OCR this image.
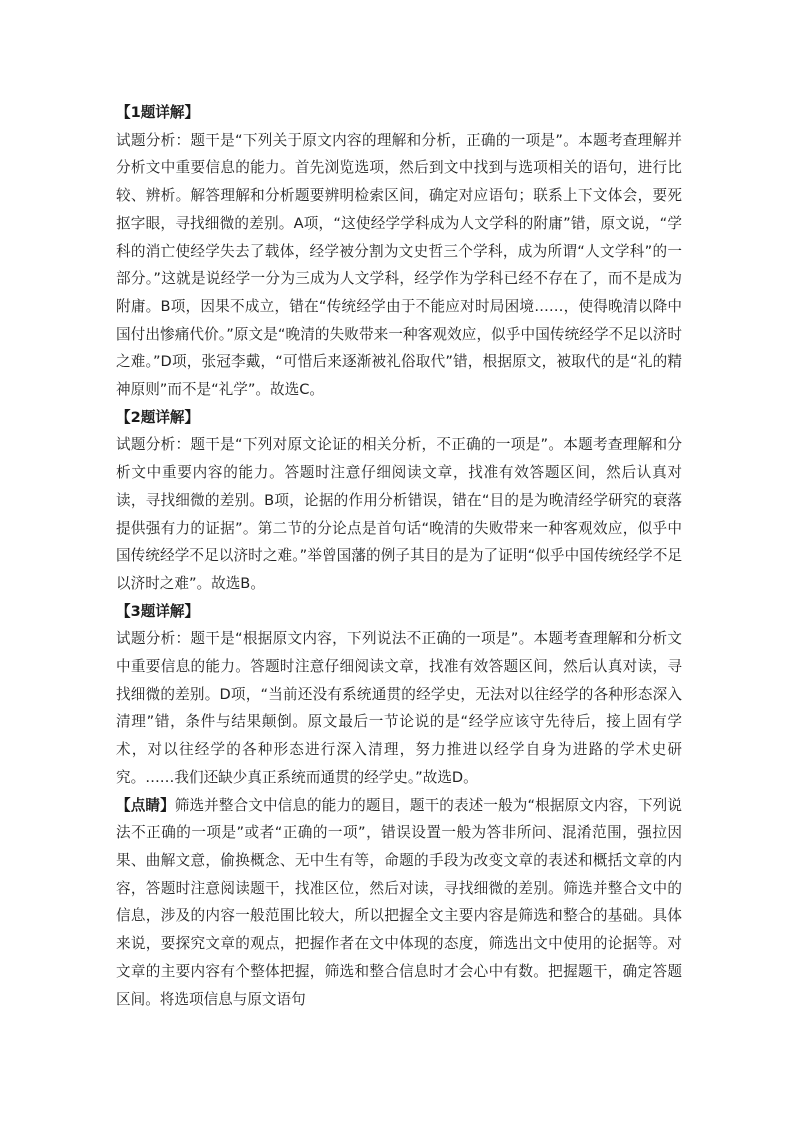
【1题详解】

试题分析：题干是“下列关于原文内容的理解和分析，正确的一项是”。本题考查理解并分析文中重要信息的能力。首先浏览选项，然后到文中找到与选项相关的语句，进行比较、辨析。解答理解和分析题要辨明检索区间，确定对应语句；联系上下文体会，要死抠字眼，寻找细微的差别。A项，“这使经学学科成为人文学科的附庸”错，原文说，“学科的消亡使经学失去了载体，经学被分割为文史哲三个学科，成为所谓“人文学科”的一部分。”这就是说经学一分为三成为人文学科，经学作为学科已经不存在了，而不是成为附庸。B项，因果不成立，错在“传统经学由于不能应对时局困境……，使得晚清以降中国付出惨痛代价。”原文是“晚清的失败带来一种客观效应，似乎中国传统经学不足以济时之难。”D项，张冠李戴，“可惜后来逐渐被礼俗取代”错，根据原文，被取代的是“礼的精神原则”而不是“礼学”。故选C。

【2题详解】

试题分析：题干是“下列对原文论证的相关分析，不正确的一项是”。本题考查理解和分析文中重要内容的能力。答题时注意仔细阅读文章，找准有效答题区间，然后认真对读，寻找细微的差别。B项，论据的作用分析错误，错在“目的是为晚清经学研究的衰落提供强有力的证据”。第二节的分论点是首句话“晚清的失败带来一种客观效应，似乎中国传统经学不足以济时之难。”举曾国藩的例子其目的是为了证明“似乎中国传统经学不足以济时之难”。故选B。

【3题详解】

试题分析：题干是“根据原文内容，下列说法不正确的一项是”。本题考查理解和分析文中重要信息的能力。答题时注意仔细阅读文章，找准有效答题区间，然后认真对读，寻找细微的差别。D项，“当前还没有系统通贯的经学史，无法对以往经学的各种形态深入清理”错，条件与结果颠倒。原文最后一节论说的是“经学应该守先待后，接上固有学术，对以往经学的各种形态进行深入清理，努力推进以经学自身为进路的学术史研究。……我们还缺少真正系统而通贯的经学史。”故选D。

【点睛】筛选并整合文中信息的能力的题目，题干的表述一般为“根据原文内容，下列说法不正确的一项是”或者“正确的一项”，错误设置一般为答非所问、混淆范围，强拉因果、曲解文意，偷换概念、无中生有等，命题的手段为改变文章的表述和概括文章的内容，答题时注意阅读题干，找准区位，然后对读，寻找细微的差别。筛选并整合文中的信息，涉及的内容一般范围比较大，所以把握全文主要内容是筛选和整合的基础。具体来说，要探究文章的观点，把握作者在文中体现的态度，筛选出文中使用的论据等。对文章的主要内容有个整体把握，筛选和整合信息时才会心中有数。把握题干，确定答题区间。将选项信息与原文语句
